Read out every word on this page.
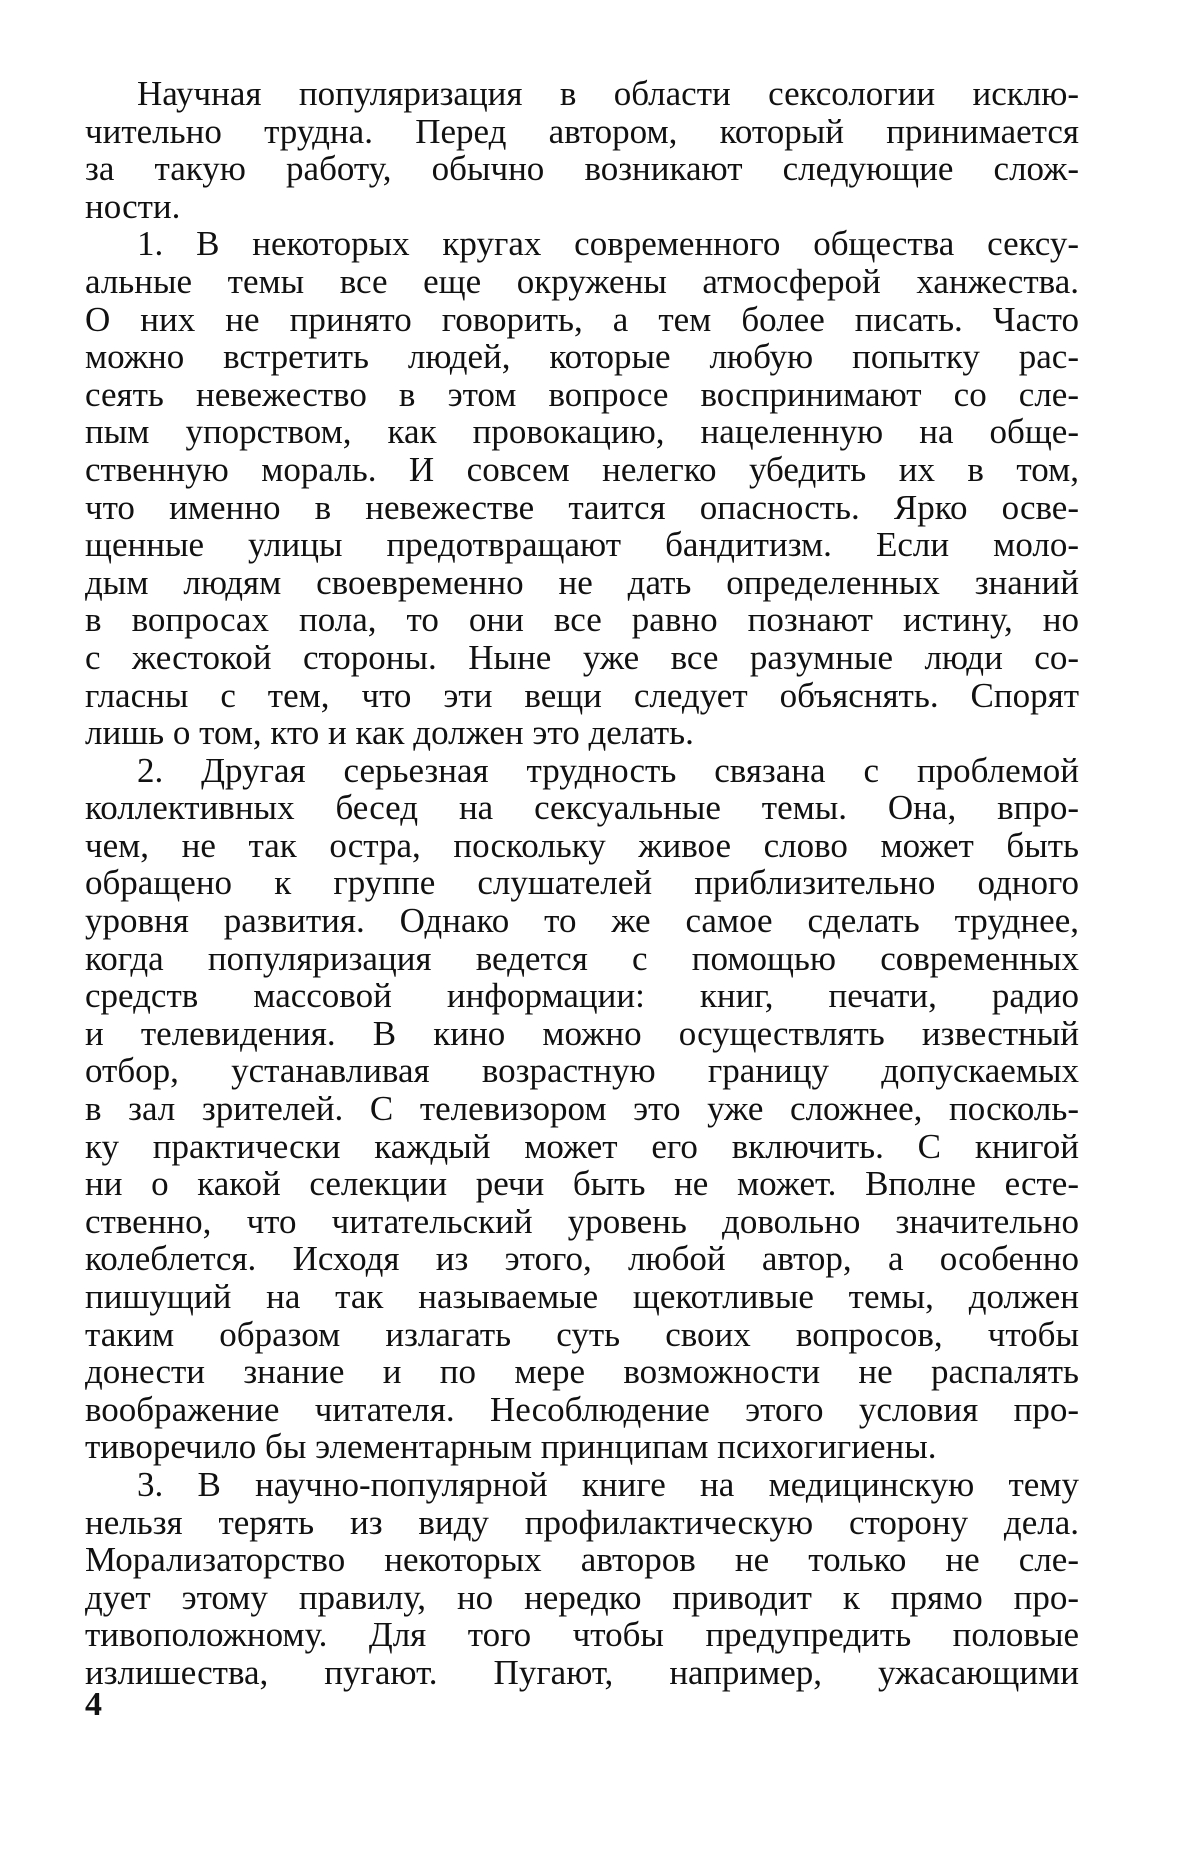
Научная популяризация в области сексологии исклю-
чительно трудна. Перед автором, который принимается
за такую работу, обычно возникают следующие слож-
ности.
1. В некоторых кругах современного общества сексу-
альные темы все еще окружены атмосферой ханжества.
О них не принято говорить, а тем более писать. Часто
можно встретить людей, которые любую попытку рас-
сеять невежество в этом вопросе воспринимают со сле-
пым упорством, как провокацию, нацеленную на обще-
ственную мораль. И совсем нелегко убедить их в том,
что именно в невежестве таится опасность. Ярко осве-
щенные улицы предотвращают бандитизм. Если моло-
дым людям своевременно не дать определенных знаний
в вопросах пола, то они все равно познают истину, но
с жестокой стороны. Ныне уже все разумные люди со-
гласны с тем, что эти вещи следует объяснять. Спорят
лишь о том, кто и как должен это делать.
2. Другая серьезная трудность связана с проблемой
коллективных бесед на сексуальные темы. Она, впро-
чем, не так остра, поскольку живое слово может быть
обращено к группе слушателей приблизительно одного
уровня развития. Однако то же самое сделать труднее,
когда популяризация ведется с помощью современных
средств массовой информации: книг, печати, радио
и телевидения. В кино можно осуществлять известный
отбор, устанавливая возрастную границу допускаемых
в зал зрителей. С телевизором это уже сложнее, посколь-
ку практически каждый может его включить. С книгой
ни о какой селекции речи быть не может. Вполне есте-
ственно, что читательский уровень довольно значительно
колеблется. Исходя из этого, любой автор, а особенно
пишущий на так называемые щекотливые темы, должен
таким образом излагать суть своих вопросов, чтобы
донести знание и по мере возможности не распалять
воображение читателя. Несоблюдение этого условия про-
тиворечило бы элементарным принципам психогигиены.
3. В научно-популярной книге на медицинскую тему
нельзя терять из виду профилактическую сторону дела.
Морализаторство некоторых авторов не только не сле-
дует этому правилу, но нередко приводит к прямо про-
тивоположному. Для того чтобы предупредить половые
излишества, пугают. Пугают, например, ужасающими
4
